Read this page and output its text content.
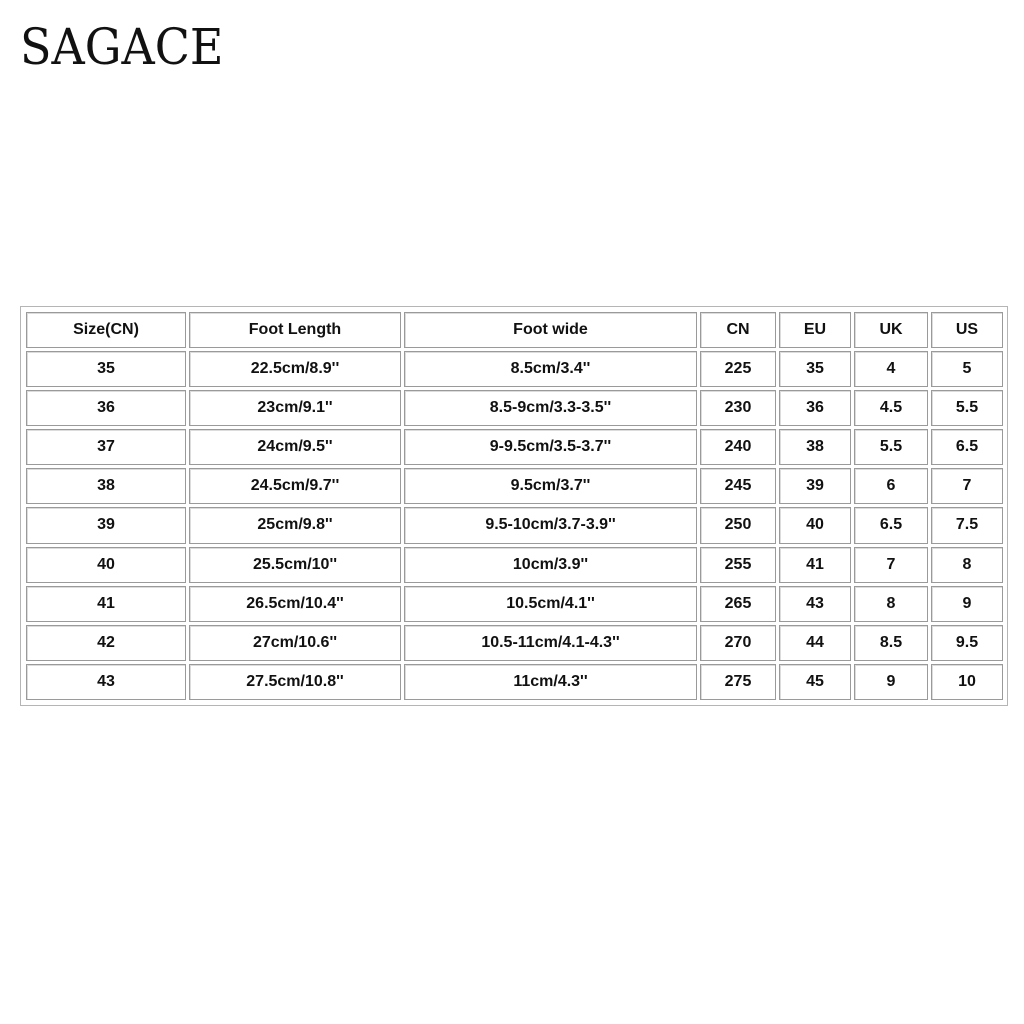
SAGACE
Size(CN)	Foot Length	Foot wide	CN	EU	UK	US
35	22.5cm/8.9''	8.5cm/3.4''	225	35	4	5
36	23cm/9.1''	8.5-9cm/3.3-3.5''	230	36	4.5	5.5
37	24cm/9.5''	9-9.5cm/3.5-3.7''	240	38	5.5	6.5
38	24.5cm/9.7''	9.5cm/3.7''	245	39	6	7
39	25cm/9.8''	9.5-10cm/3.7-3.9''	250	40	6.5	7.5
40	25.5cm/10''	10cm/3.9''	255	41	7	8
41	26.5cm/10.4''	10.5cm/4.1''	265	43	8	9
42	27cm/10.6''	10.5-11cm/4.1-4.3''	270	44	8.5	9.5
43	27.5cm/10.8''	11cm/4.3''	275	45	9	10
